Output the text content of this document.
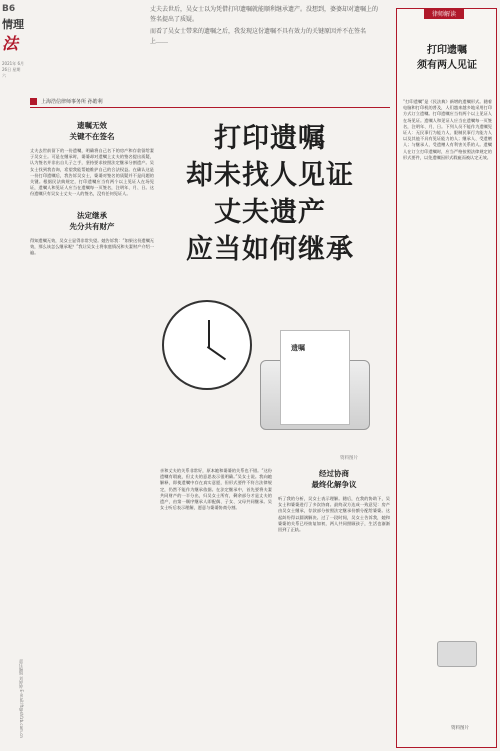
B6
情理
法
2021年 6月26日 星期六
责任编辑 刘婷婷 E-mail:lft@shfzb.com.cn
丈夫去世后，吴女士以为凭借打印遗嘱就能顺利继承遗产。没想到，婆婆却对遗嘱上的签名提出了质疑。
而看了吴女士带来的遗嘱之后，我发现这份遗嘱不具有效力的关键原因并不在签名上……
上海浩信律师事务所 孙皓利
打印遗嘱
却未找人见证
丈夫遗产
应当如何继承
遗嘱无效
关键不在签名
丈夫去世前留下的一份遗嘱，明确将自己名下的房产和存款留给妻子吴女士。可是在继承时，婆婆却对遗嘱上丈夫的签名提出质疑，认为签名并非出自儿子之手，坚持要求按照法定继承分割遗产。吴女士找到我咨询，希望我能帮她维护自己的合法权益。在确认这是一份打印遗嘱后，我告诉吴女士，婆婆对签名的质疑并不是问题的关键。根据民法典规定，打印遗嘱应当有两个以上见证人在场见证，遗嘱人和见证人应当在遗嘱每一页签名，注明年、月、日。这份遗嘱只有吴女士丈夫一人的签名，没有任何见证人。
法定继承
先分共有财产
得知遗嘱无效，吴女士显得非常失望。她告诉我：“如果这份遗嘱无效，那么该怎么继承呢？”我让吴女士将家庭情况和夫妻财产介绍一遍。
遗嘱
资料图片
亲和丈夫的关系非常好，原本她和婆婆的关系也不错。“这份遗嘱有瑕疵，但丈夫的意思表示很明确。”吴女士说。我向她解释，即使遗嘱中存在真实意愿，但形式要件不符合法律规定，仍然不能作为继承依据。在法定继承中，首先要将夫妻共同财产的一半分出，归吴女士所有，剩余部分才是丈夫的遗产，由第一顺序继承人即配偶、子女、父母共同继承。吴女士听后表示理解，愿意与婆婆协商分割。
经过协商
最终化解争议
听了我的分析，吴女士表示理解。随后，在我的协助下，吴女士和婆婆进行了多次协商。最终双方达成一致意见：房产由吴女士继承，存款部分按照法定继承份额分配给婆婆。这起纠纷得以圆满解决。过了一段时间，吴女士告诉我，她和婆婆的关系已经恢复如初，两人共同照顾孩子，生活也渐渐回到了正轨。
律师解读
打印遗嘱
须有两人见证
“打印遗嘱”是《民法典》新增的遗嘱形式。随着电脑和打印机的普及，人们越来越多地采用打印方式订立遗嘱。打印遗嘱应当有两个以上见证人在场见证。遗嘱人和见证人应当在遗嘱每一页签名，注明年、月、日。下列人员不能作为遗嘱见证人：无民事行为能力人、限制民事行为能力人以及其他不具有见证能力的人；继承人、受遗赠人；与继承人、受遗赠人有利害关系的人。遗嘱人在订立打印遗嘱时，应当严格按照法律规定的形式要件，以免遗嘱因形式瑕疵而被认定无效。
资料图片
